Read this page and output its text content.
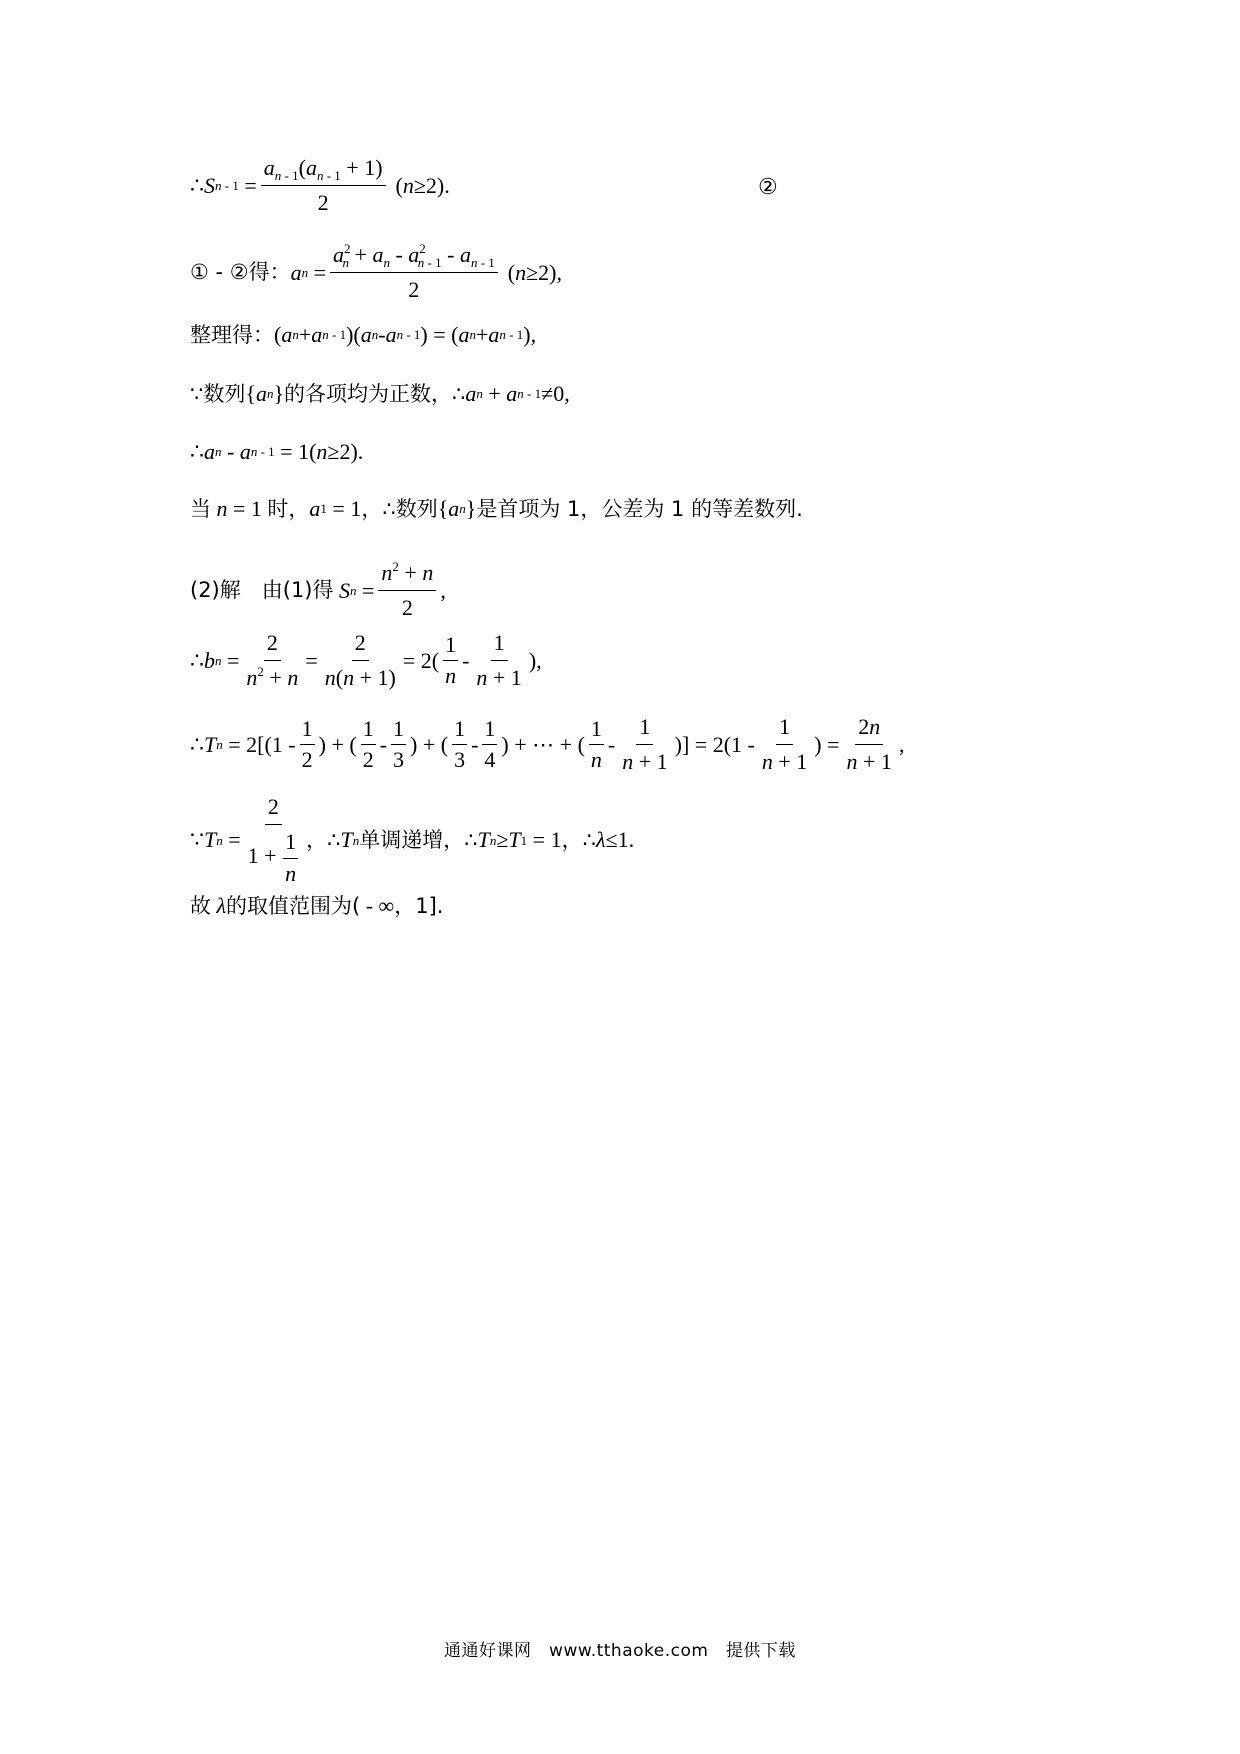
∴ S $n - 1 = \frac{a_{n - 1}(a_{n - 1} + 1)}{2}$ ( n ≥2).	②
① - ②得： a $n = \frac{a^2_n + a_n - a^2_{n - 1} - a_{n - 1}}{2}$ ( n ≥2),
整理得： ( a n + a n - 1 )( a n - a n - 1 ) = ( a n + a n - 1 ),
∵数列 { a n } 的各项均为正数，∴ a n + a n - 1 ≠0,
∴ a n - a n - 1 = 1( n ≥2).
当
n = 1 时， a 1 = 1 ，∴数列 { a n } 是首项为 1，公差为 1 的等差数列.
(2)解　由(1)得
S $n = \frac{n^2 + n}{2}$ ,
∴ b $n = \frac{2}{n^2 + n} = \frac{2}{n(n + 1)} = 2( \frac{1}{n} - \frac{1}{n + 1}$ ),
∴ T $n = 2[(1 - \frac{1}{2}$ ) + ( $\frac{1}{2} - \frac{1}{3}$ ) + ( $\frac{1}{3} - \frac{1}{4}$ ) + ⋯ + ( $\frac{1}{n} - \frac{1}{n + 1}$ )] = $2(1 - \frac{1}{n + 1}$ ) = $\frac{2n}{n + 1}$ ,
∵ T $n = \frac{2}{1 + \frac{1}{n}}$ ，∴ T n 单调递增，∴ T n ≥ T 1 = 1 ，∴ λ ≤1.
故 λ 的取值范围为( - ∞ ，1].
通通好课网　www.tthaoke.com　提供下载
